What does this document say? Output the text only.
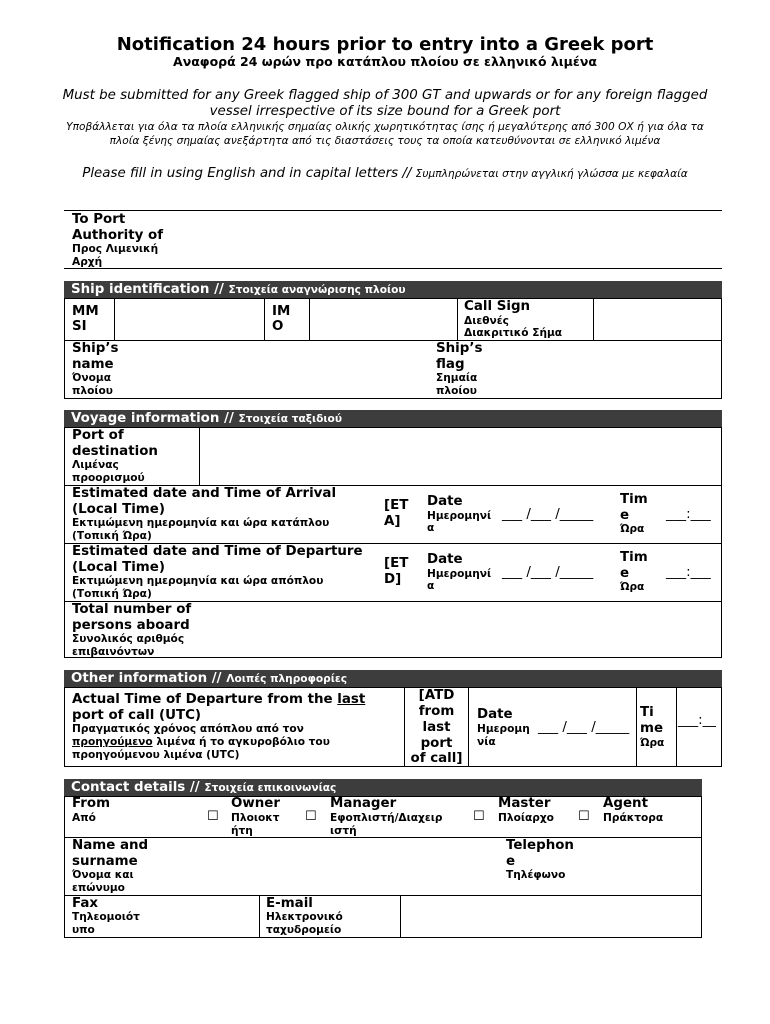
Notification 24 hours prior to entry into a Greek port
Αναφορά 24 ωρών προ κατάπλου πλοίου σε ελληνικό λιμένα
Must be submitted for any Greek flagged ship of 300 GT and upwards or for any foreign flagged vessel irrespective of its size bound for a Greek port
Υποβάλλεται για όλα τα πλοία ελληνικής σημαίας ολικής χωρητικότητας ίσης ή μεγαλύτερης από 300 ΟΧ ή για όλα τα πλοία ξένης σημαίας ανεξάρτητα από τις διαστάσεις τους τα οποία κατευθύνονται σε ελληνικό λιμένα
Please fill in using English and in capital letters // Συμπληρώνεται στην αγγλική γλώσσα με κεφαλαία
To Port
Authority of
Προς Λιμενική
Αρχή
Ship identification // Στοιχεία αναγνώρισης πλοίου
MM
SI
IM
O
Call Sign
Διεθνές
Διακριτικό Σήμα
Ship’s
name
Όνομα
πλοίου
Ship’s
flag
Σημαία
πλοίου
Voyage information // Στοιχεία ταξιδιού
Port of
destination
Λιμένας
προορισμού
Estimated date and Time of Arrival
(Local Time)
Εκτιμώμενη ημερομηνία και ώρα κατάπλου
(Τοπική Ώρα)
[ET
A]
Date
Ημερομηνί
α
___ /___ /_____
Tim
e
Ώρα
___:___
Estimated date and Time of Departure
(Local Time)
Εκτιμώμενη ημερομηνία και ώρα απόπλου
(Τοπική Ώρα)
[ET
D]
Date
Ημερομηνί
α
___ /___ /_____
Tim
e
Ώρα
___:___
Total number of
persons aboard
Συνολικός αριθμός
επιβαινόντων
Other information // Λοιπές πληροφορίες
Actual Time of Departure from the last
port of call (UTC)
Πραγματικός χρόνος απόπλου από τον
προηγούμενο λιμένα ή το αγκυροβόλιο του
προηγούμενου λιμένα (UTC)
[ATD
from
last
port
of call]
Date
Ημερομη
νία
___ /___ /_____
Ti
me
Ώρα
___:__
Contact details // Στοιχεία επικοινωνίας
From
Από	☐
Owner
Πλοιοκτ
ήτη
☐
Manager
Εφοπλιστή/Διαχειρ
ιστή
☐
Master
Πλοίαρχο ☐
Agent
Πράκτορα
Name and
surname
Όνομα και
επώνυμο
Telephon
e
Τηλέφωνο
Fax
Τηλεομοιότ
υπο
E-mail
Ηλεκτρονικό
ταχυδρομείο
